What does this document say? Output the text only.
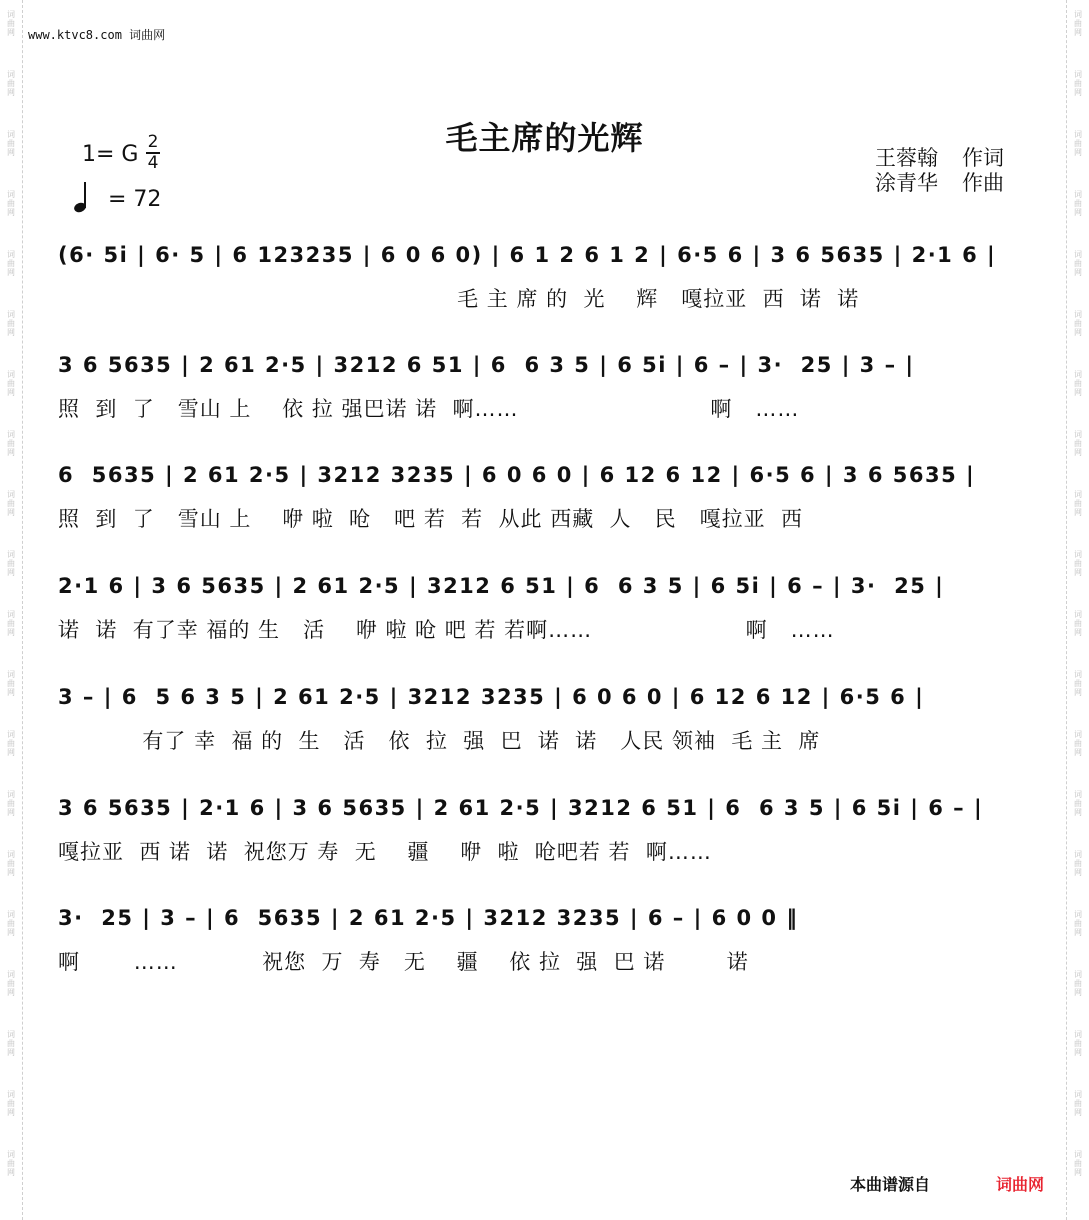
www.ktvc8.com 词曲网
毛主席的光辉
1= G 2
4
= 72
王蓉翰 作词
涂青华 作曲
(6· 5i | 6· 5 | 6 123235 | 6 0 6 0) | 6 1 2 6 1 2 | 6·5 6 | 3 6 5635 | 2·1 6 |
毛 主 席 的  光    辉   嘎拉亚  西  诺  诺
3 6 5635 | 2 61 2·5 | 3212 6 51 | 6  6 3 5 | 6 5i | 6 – | 3·  25 | 3 – |
照  到  了   雪山 上    依 拉 强巴诺 诺  啊……                         啊   ……
6  5635 | 2 61 2·5 | 3212 3235 | 6 0 6 0 | 6 12 6 12 | 6·5 6 | 3 6 5635 |
照  到  了   雪山 上    咿 啦  呛   吧 若  若  从此 西藏  人   民   嘎拉亚  西
2·1 6 | 3 6 5635 | 2 61 2·5 | 3212 6 51 | 6  6 3 5 | 6 5i | 6 – | 3·  25 |
诺  诺  有了幸 福的 生   活    咿 啦 呛 吧 若 若啊……                    啊   ……
3 – | 6  5 6 3 5 | 2 61 2·5 | 3212 3235 | 6 0 6 0 | 6 12 6 12 | 6·5 6 |
有了 幸  福 的  生   活   依  拉  强  巴  诺  诺   人民 领袖  毛 主  席
3 6 5635 | 2·1 6 | 3 6 5635 | 2 61 2·5 | 3212 6 51 | 6  6 3 5 | 6 5i | 6 – |
嘎拉亚  西 诺  诺  祝您万 寿  无    疆    咿  啦  呛吧若 若  啊……
3·  25 | 3 – | 6  5635 | 2 61 2·5 | 3212 3235 | 6 – | 6 0 0 ‖
啊       ……           祝您  万  寿   无    疆    依 拉  强  巴 诺        诺
本曲谱源自	词曲网
词
曲
网
词
曲
网
词
曲
网
词
曲
网
词
曲
网
词
曲
网
词
曲
网
词
曲
网
词
曲
网
词
曲
网
词
曲
网
词
曲
网
词
曲
网
词
曲
网
词
曲
网
词
曲
网
词
曲
网
词
曲
网
词
曲
网
词
曲
网
词
曲
网
词
曲
网
词
曲
网
词
曲
网
词
曲
网
词
曲
网
词
曲
网
词
曲
网
词
曲
网
词
曲
网
词
曲
网
词
曲
网
词
曲
网
词
曲
网
词
曲
网
词
曲
网
词
曲
网
词
曲
网
词
曲
网
词
曲
网
